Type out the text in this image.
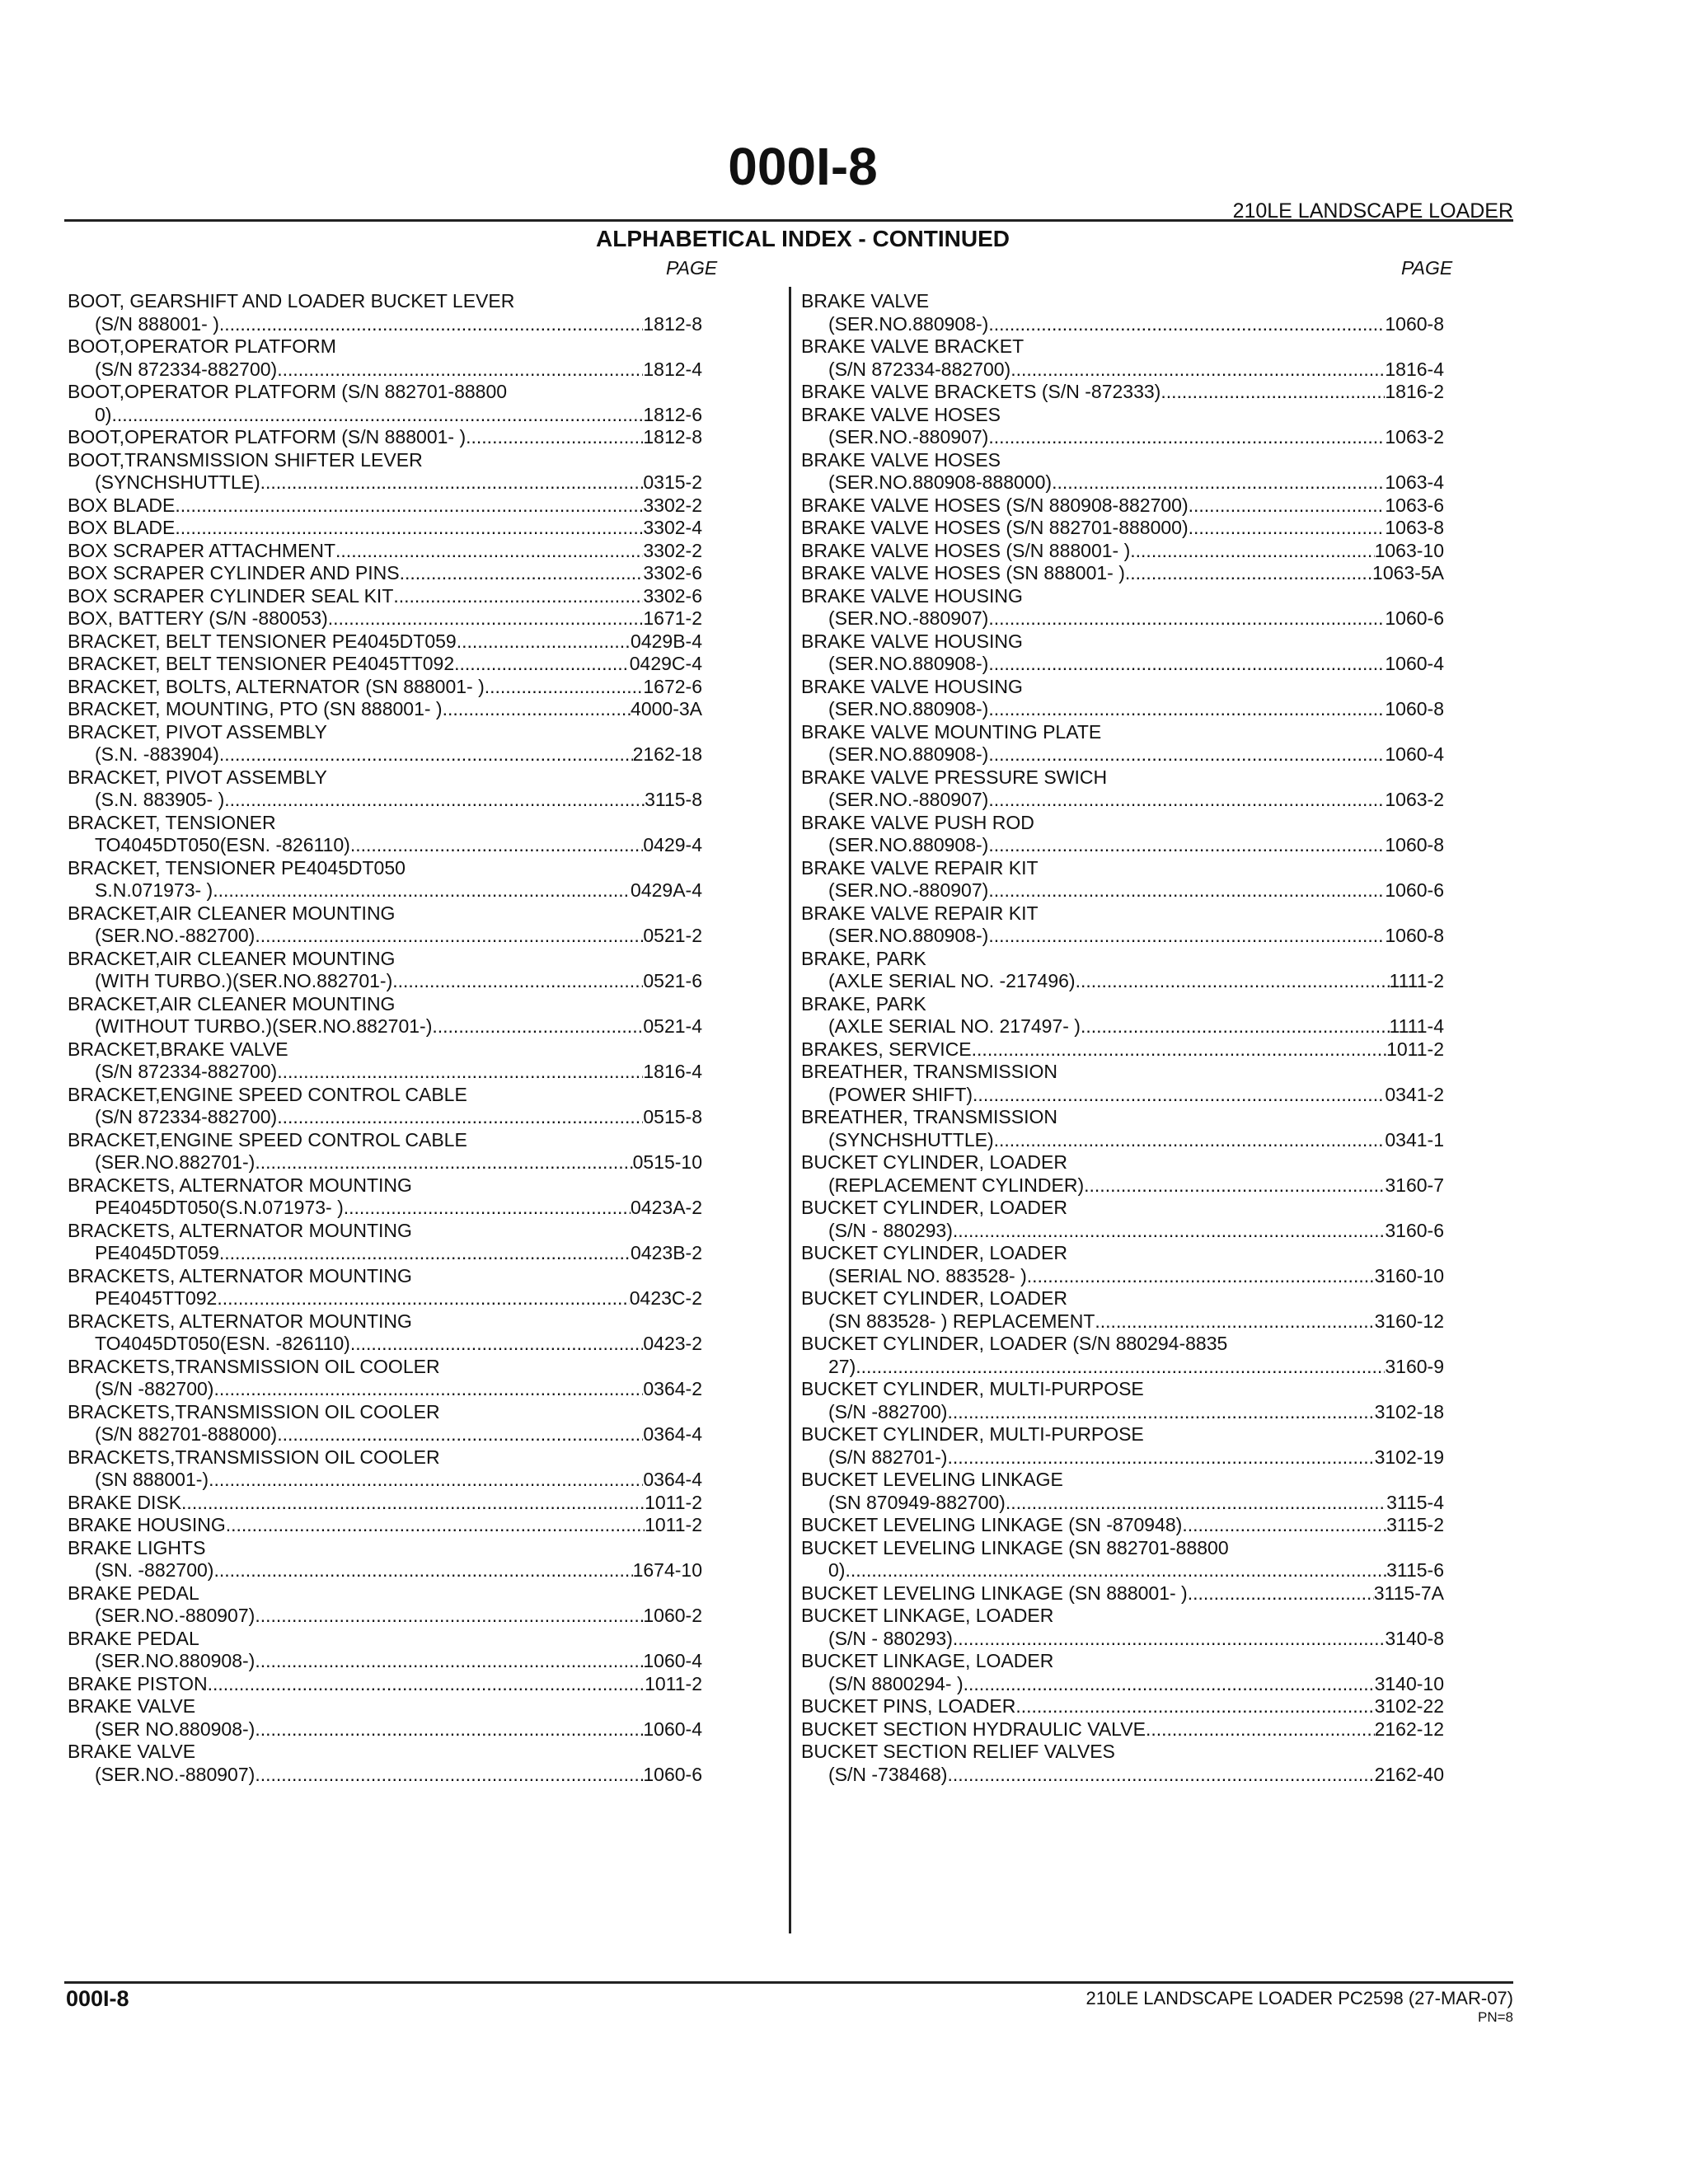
000I-8
210LE LANDSCAPE LOADER
ALPHABETICAL INDEX - CONTINUED
PAGE	PAGE
BOOT, GEARSHIFT AND LOADER BUCKET LEVER
(S/N 888001- ) .....	1812-8
BOOT,OPERATOR PLATFORM
(S/N 872334-882700) .....	1812-4
BOOT,OPERATOR PLATFORM (S/N 882701-88800
0) .....	1812-6
BOOT,OPERATOR PLATFORM (S/N 888001- ) .....	1812-8
BOOT,TRANSMISSION SHIFTER LEVER
(SYNCHSHUTTLE) .....	0315-2
BOX BLADE .....	3302-2
BOX BLADE .....	3302-4
BOX SCRAPER ATTACHMENT .....	3302-2
BOX SCRAPER CYLINDER AND PINS .....	3302-6
BOX SCRAPER CYLINDER SEAL KIT .....	3302-6
BOX, BATTERY (S/N -880053) .....	1671-2
BRACKET, BELT TENSIONER PE4045DT059 .....	0429B-4
BRACKET, BELT TENSIONER PE4045TT092 .....	0429C-4
BRACKET, BOLTS, ALTERNATOR (SN 888001- ) .....	1672-6
BRACKET, MOUNTING, PTO (SN 888001- ) .....	4000-3A
BRACKET, PIVOT ASSEMBLY
(S.N. -883904) .....	2162-18
BRACKET, PIVOT ASSEMBLY
(S.N. 883905- ) .....	3115-8
BRACKET, TENSIONER
TO4045DT050(ESN. -826110) .....	0429-4
BRACKET, TENSIONER PE4045DT050
S.N.071973- ) .....	0429A-4
BRACKET,AIR CLEANER MOUNTING
(SER.NO.-882700) .....	0521-2
BRACKET,AIR CLEANER MOUNTING
(WITH TURBO.)(SER.NO.882701-) .....	0521-6
BRACKET,AIR CLEANER MOUNTING
(WITHOUT TURBO.)(SER.NO.882701-) .....	0521-4
BRACKET,BRAKE VALVE
(S/N 872334-882700) .....	1816-4
BRACKET,ENGINE SPEED CONTROL CABLE
(S/N 872334-882700) .....	0515-8
BRACKET,ENGINE SPEED CONTROL CABLE
(SER.NO.882701-) .....	0515-10
BRACKETS, ALTERNATOR MOUNTING
PE4045DT050(S.N.071973- ) .....	0423A-2
BRACKETS, ALTERNATOR MOUNTING
PE4045DT059 .....	0423B-2
BRACKETS, ALTERNATOR MOUNTING
PE4045TT092 .....	0423C-2
BRACKETS, ALTERNATOR MOUNTING
TO4045DT050(ESN. -826110) .....	0423-2
BRACKETS,TRANSMISSION OIL COOLER
(S/N -882700) .....	0364-2
BRACKETS,TRANSMISSION OIL COOLER
(S/N 882701-888000) .....	0364-4
BRACKETS,TRANSMISSION OIL COOLER
(SN 888001-) .....	0364-4
BRAKE DISK .....	1011-2
BRAKE HOUSING .....	1011-2
BRAKE LIGHTS
(SN. -882700) .....	1674-10
BRAKE PEDAL
(SER.NO.-880907) .....	1060-2
BRAKE PEDAL
(SER.NO.880908-) .....	1060-4
BRAKE PISTON .....	1011-2
BRAKE VALVE
(SER NO.880908-) .....	1060-4
BRAKE VALVE
(SER.NO.-880907) .....	1060-6
BRAKE VALVE
(SER.NO.880908-) .....	1060-8
BRAKE VALVE BRACKET
(S/N 872334-882700) .....	1816-4
BRAKE VALVE BRACKETS (S/N -872333) .....	1816-2
BRAKE VALVE HOSES
(SER.NO.-880907) .....	1063-2
BRAKE VALVE HOSES
(SER.NO.880908-888000) .....	1063-4
BRAKE VALVE HOSES (S/N 880908-882700) .....	1063-6
BRAKE VALVE HOSES (S/N 882701-888000) .....	1063-8
BRAKE VALVE HOSES (S/N 888001- ) .....	1063-10
BRAKE VALVE HOSES (SN 888001- ) .....	1063-5A
BRAKE VALVE HOUSING
(SER.NO.-880907) .....	1060-6
BRAKE VALVE HOUSING
(SER.NO.880908-) .....	1060-4
BRAKE VALVE HOUSING
(SER.NO.880908-) .....	1060-8
BRAKE VALVE MOUNTING PLATE
(SER.NO.880908-) .....	1060-4
BRAKE VALVE PRESSURE SWICH
(SER.NO.-880907) .....	1063-2
BRAKE VALVE PUSH ROD
(SER.NO.880908-) .....	1060-8
BRAKE VALVE REPAIR KIT
(SER.NO.-880907) .....	1060-6
BRAKE VALVE REPAIR KIT
(SER.NO.880908-) .....	1060-8
BRAKE, PARK
(AXLE SERIAL NO. -217496) .....	1111-2
BRAKE, PARK
(AXLE SERIAL NO. 217497- ) .....	1111-4
BRAKES, SERVICE .....	1011-2
BREATHER, TRANSMISSION
(POWER SHIFT) .....	0341-2
BREATHER, TRANSMISSION
(SYNCHSHUTTLE) .....	0341-1
BUCKET CYLINDER, LOADER
(REPLACEMENT CYLINDER) .....	3160-7
BUCKET CYLINDER, LOADER
(S/N - 880293) .....	3160-6
BUCKET CYLINDER, LOADER
(SERIAL NO. 883528- ) .....	3160-10
BUCKET CYLINDER, LOADER
(SN 883528- ) REPLACEMENT .....	3160-12
BUCKET CYLINDER, LOADER (S/N 880294-8835
27) .....	3160-9
BUCKET CYLINDER, MULTI-PURPOSE
(S/N -882700) .....	3102-18
BUCKET CYLINDER, MULTI-PURPOSE
(S/N 882701-) .....	3102-19
BUCKET LEVELING LINKAGE
(SN 870949-882700) .....	3115-4
BUCKET LEVELING LINKAGE (SN -870948) .....	3115-2
BUCKET LEVELING LINKAGE (SN 882701-88800
0) .....	3115-6
BUCKET LEVELING LINKAGE (SN 888001- ) .....	3115-7A
BUCKET LINKAGE, LOADER
(S/N - 880293) .....	3140-8
BUCKET LINKAGE, LOADER
(S/N 8800294- ) .....	3140-10
BUCKET PINS, LOADER .....	3102-22
BUCKET SECTION HYDRAULIC VALVE .....	2162-12
BUCKET SECTION RELIEF VALVES
(S/N -738468) .....	2162-40
000I-8	210LE LANDSCAPE LOADER PC2598 (27-MAR-07)
PN=8
